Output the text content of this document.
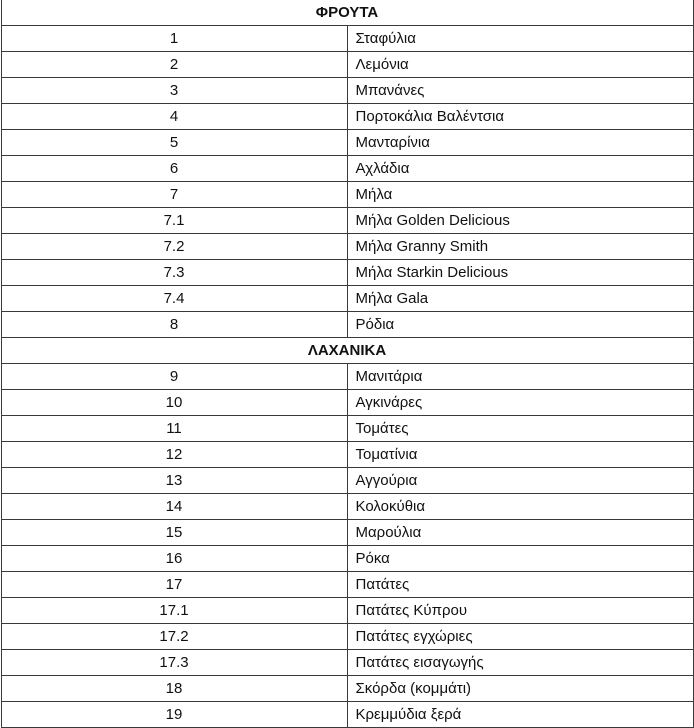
ΦΡΟΥΤΑ	
1	Σταφύλια
2	Λεμόνια
3	Μπανάνες
4	Πορτοκάλια Βαλέντσια
5	Μανταρίνια
6	Αχλάδια
7	Μήλα
7.1	Μήλα Golden Delicious
7.2	Μήλα Granny Smith
7.3	Μήλα Starkin Delicious
7.4	Μήλα Gala
8	Ρόδια
ΛΑΧΑΝΙΚΑ	
9	Μανιτάρια
10	Αγκινάρες
11	Τομάτες
12	Τοματίνια
13	Αγγούρια
14	Κολοκύθια
15	Μαρούλια
16	Ρόκα
17	Πατάτες
17.1	Πατάτες Κύπρου
17.2	Πατάτες εγχώριες
17.3	Πατάτες εισαγωγής
18	Σκόρδα (κομμάτι)
19	Κρεμμύδια ξερά
